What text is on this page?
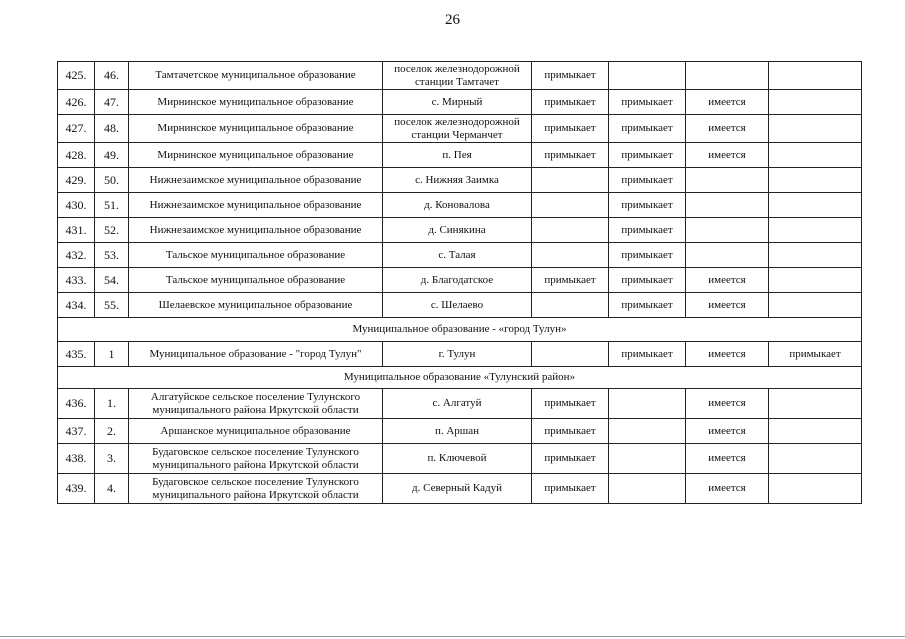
26
425.	46.	Тамтачетское муниципальное образование	поселок железнодорожной станции Тамтачет	примыкает			
426.	47.	Мирнинское муниципальное образование	с. Мирный	примыкает	примыкает	имеется	
427.	48.	Мирнинское муниципальное образование	поселок железнодорожной станции Черманчет	примыкает	примыкает	имеется	
428.	49.	Мирнинское муниципальное образование	п. Пея	примыкает	примыкает	имеется	
429.	50.	Нижнезаимское муниципальное образование	с. Нижняя Заимка		примыкает		
430.	51.	Нижнезаимское муниципальное образование	д. Коновалова		примыкает		
431.	52.	Нижнезаимское муниципальное образование	д. Синякина		примыкает		
432.	53.	Тальское муниципальное образование	с. Талая		примыкает		
433.	54.	Тальское муниципальное образование	д. Благодатское	примыкает	примыкает	имеется	
434.	55.	Шелаевское муниципальное образование	с. Шелаево		примыкает	имеется	
Муниципальное образование - «город Тулун»							
435.	1	Муниципальное образование - "город Тулун"	г. Тулун		примыкает	имеется	примыкает
Муниципальное образование «Тулунский район»							
436.	1.	Алгатуйское сельское поселение Тулунского муниципального района Иркутской области	с. Алгатуй	примыкает		имеется	
437.	2.	Аршанское муниципальное образование	п. Аршан	примыкает		имеется	
438.	3.	Будаговское сельское поселение Тулунского муниципального района Иркутской области	п. Ключевой	примыкает		имеется	
439.	4.	Будаговское сельское поселение Тулунского муниципального района Иркутской области	д. Северный Кадуй	примыкает		имеется	
